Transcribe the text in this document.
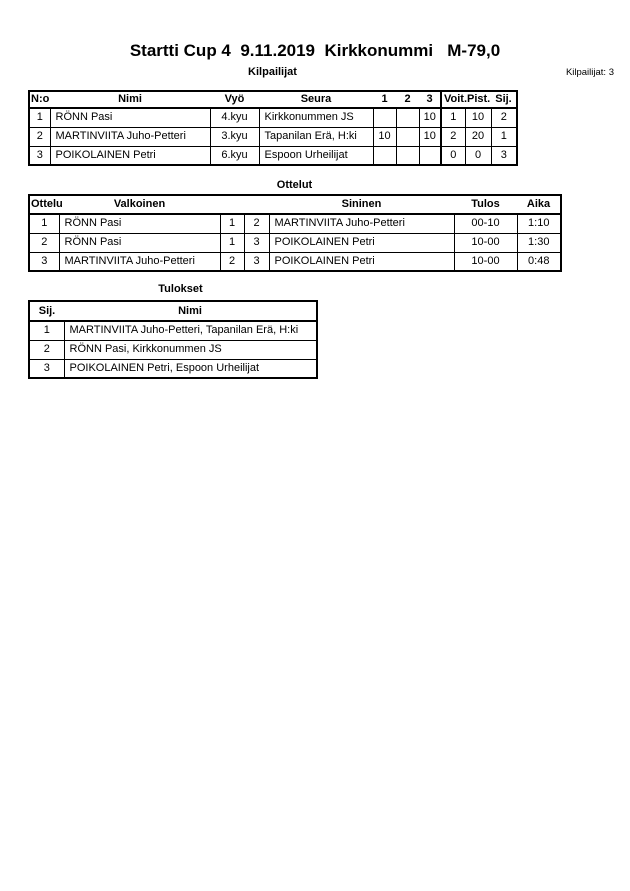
Startti Cup 4  9.11.2019  Kirkkonummi   M-79,0
Kilpailijat	Kilpailijat: 3
N:o	Nimi	Vyö	Seura	1	2	3	Voit.	Pist.	Sij.
1	RÖNN Pasi	4.kyu	Kirkkonummen JS			10	1	10	2
2	MARTINVIITA Juho-Petteri	3.kyu	Tapanilan Erä, H:ki	10		10	2	20	1
3	POIKOLAINEN Petri	6.kyu	Espoon Urheilijat				0	0	3
Ottelut
Ottelu	Valkoinen			Sininen	Tulos	Aika
1	RÖNN Pasi	1	2	MARTINVIITA Juho-Petteri	00-10	1:10
2	RÖNN Pasi	1	3	POIKOLAINEN Petri	10-00	1:30
3	MARTINVIITA Juho-Petteri	2	3	POIKOLAINEN Petri	10-00	0:48
Tulokset
Sij.	Nimi
1	MARTINVIITA Juho-Petteri, Tapanilan Erä, H:ki
2	RÖNN Pasi, Kirkkonummen JS
3	POIKOLAINEN Petri, Espoon Urheilijat
